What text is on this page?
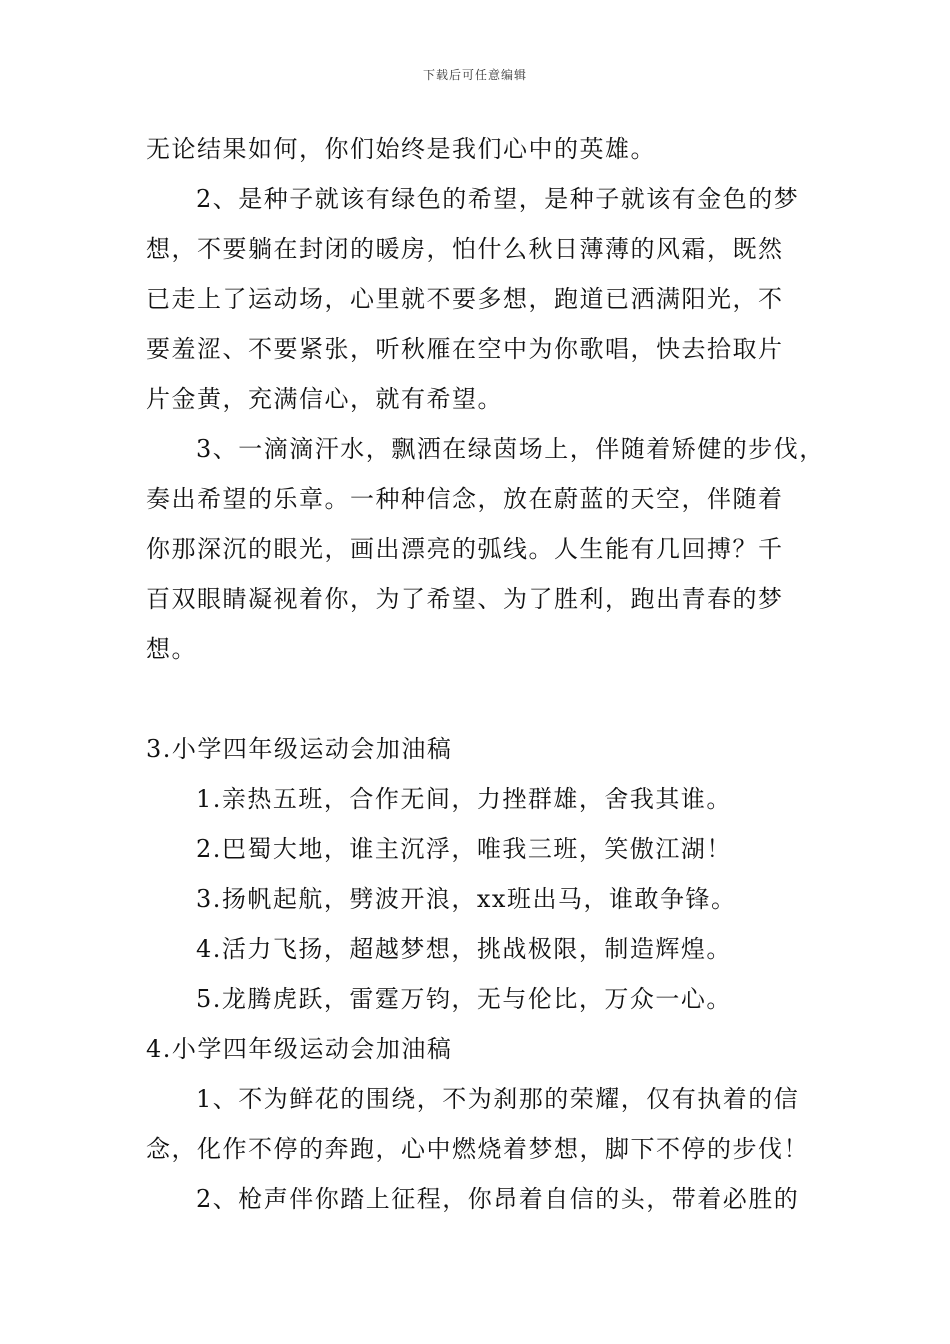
下载后可任意编辑
无论结果如何，你们始终是我们心中的英雄。
2、是种子就该有绿色的希望，是种子就该有金色的梦
想，不要躺在封闭的暖房，怕什么秋日薄薄的风霜，既然
已走上了运动场，心里就不要多想，跑道已洒满阳光，不
要羞涩、不要紧张，听秋雁在空中为你歌唱，快去拾取片
片金黄，充满信心，就有希望。
3、一滴滴汗水，飘洒在绿茵场上，伴随着矫健的步伐，
奏出希望的乐章。一种种信念，放在蔚蓝的天空，伴随着
你那深沉的眼光，画出漂亮的弧线。人生能有几回搏？千
百双眼睛凝视着你，为了希望、为了胜利，跑出青春的梦
想。
3.小学四年级运动会加油稿
1.亲热五班，合作无间，力挫群雄，舍我其谁。
2.巴蜀大地，谁主沉浮，唯我三班，笑傲江湖！
3.扬帆起航，劈波开浪，xx班出马，谁敢争锋。
4.活力飞扬，超越梦想，挑战极限，制造辉煌。
5.龙腾虎跃，雷霆万钧，无与伦比，万众一心。
4.小学四年级运动会加油稿
1、不为鲜花的围绕，不为刹那的荣耀，仅有执着的信
念，化作不停的奔跑，心中燃烧着梦想，脚下不停的步伐！
2、枪声伴你踏上征程，你昂着自信的头，带着必胜的
